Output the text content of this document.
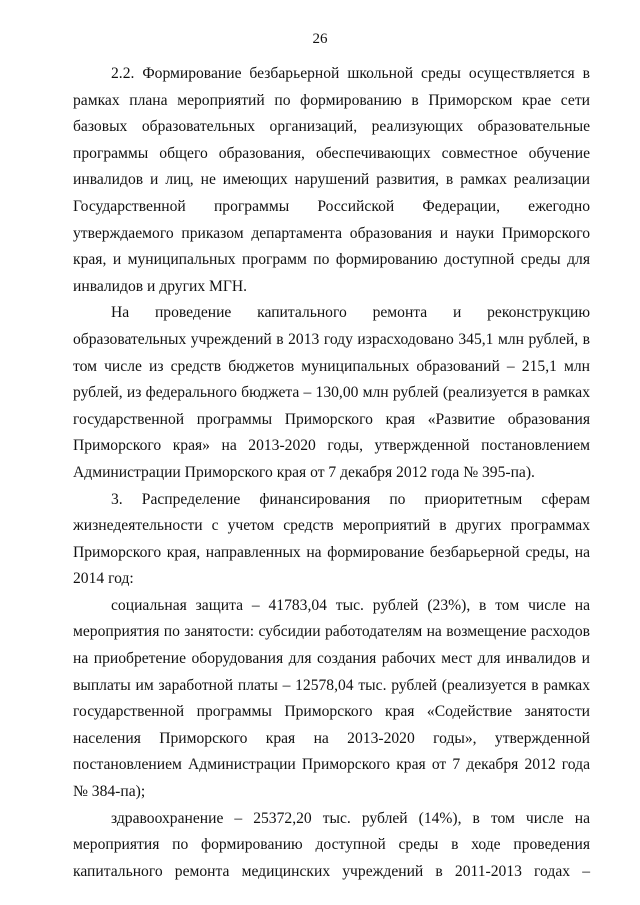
26

2.2. Формирование безбарьерной школьной среды осуществляется в рамках плана мероприятий по формированию в Приморском крае сети базовых образовательных организаций, реализующих образовательные программы общего образования, обеспечивающих совместное обучение инвалидов и лиц, не имеющих нарушений развития, в рамках реализации Государственной программы Российской Федерации, ежегодно утверждаемого приказом департамента образования и науки Приморского края, и муниципальных программ по формированию доступной среды для инвалидов и других МГН.

На проведение капитального ремонта и реконструкцию образовательных учреждений в 2013 году израсходовано 345,1 млн рублей, в том числе из средств бюджетов муниципальных образований – 215,1 млн рублей, из федерального бюджета – 130,00 млн рублей (реализуется в рамках государственной программы Приморского края «Развитие образования Приморского края» на 2013-2020 годы, утвержденной постановлением Администрации Приморского края от 7 декабря 2012 года № 395-па).

3. Распределение финансирования по приоритетным сферам жизнедеятельности с учетом средств мероприятий в других программах Приморского края, направленных на формирование безбарьерной среды, на 2014 год:

социальная защита – 41783,04 тыс. рублей (23%), в том числе на мероприятия по занятости: субсидии работодателям на возмещение расходов на приобретение оборудования для создания рабочих мест для инвалидов и выплаты им заработной платы – 12578,04 тыс. рублей (реализуется в рамках государственной программы Приморского края «Содействие занятости населения Приморского края на 2013-2020 годы», утвержденной постановлением Администрации Приморского края от 7 декабря 2012 года № 384-па);

здравоохранение – 25372,20 тыс. рублей (14%), в том числе на мероприятия по формированию доступной среды в ходе проведения капитального ремонта медицинских учреждений в 2011-2013 годах –
